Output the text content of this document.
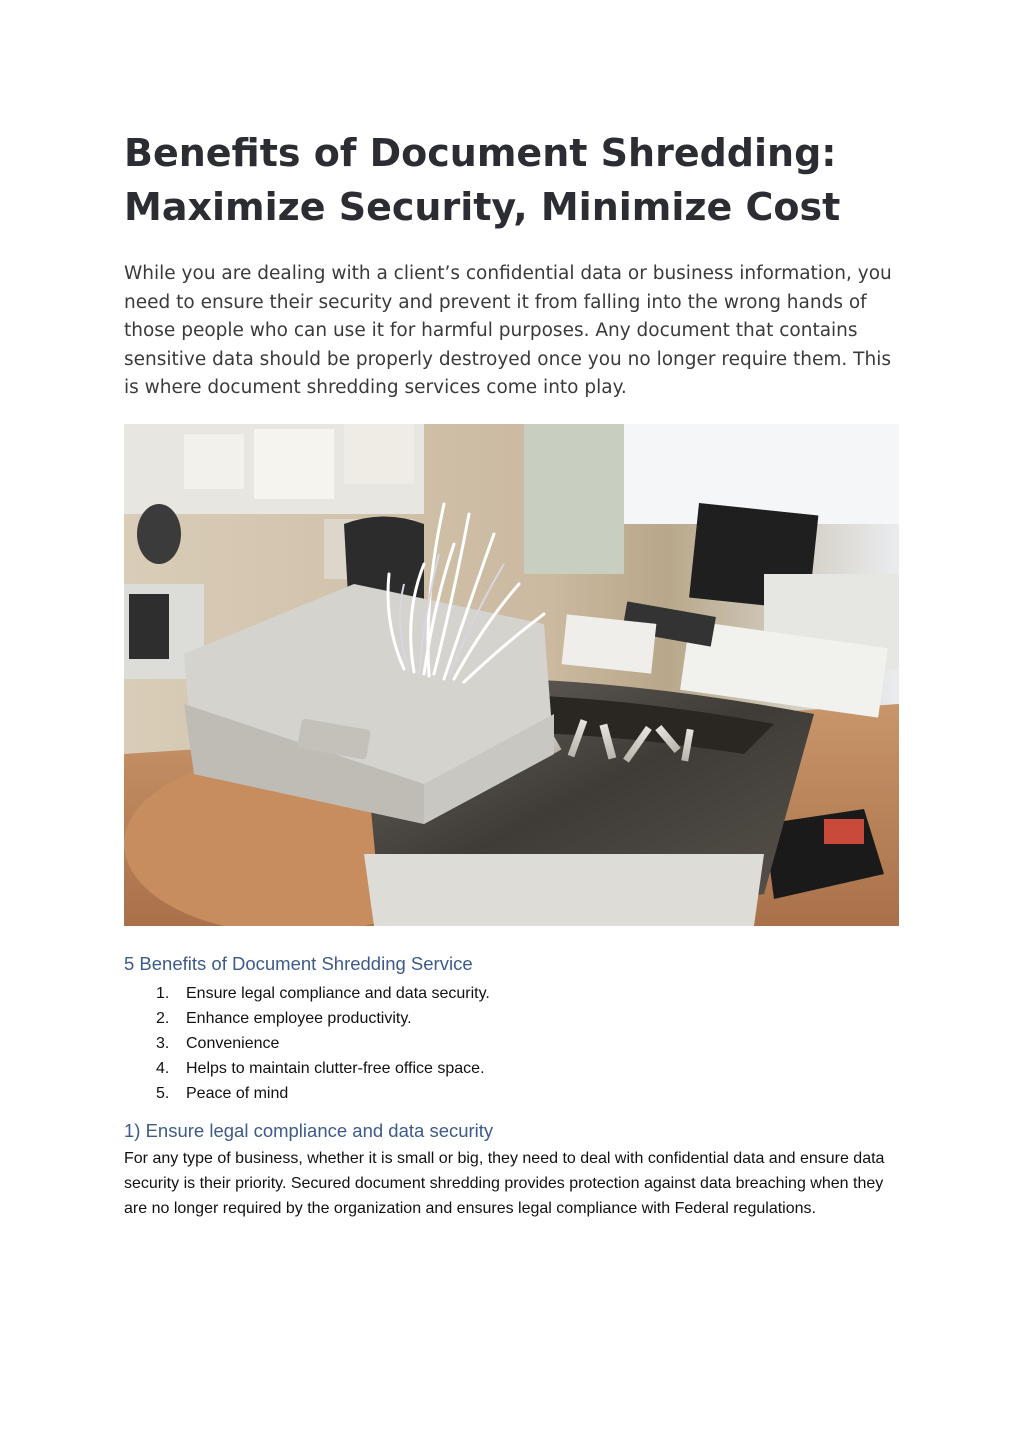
Benefits of Document Shredding: Maximize Security, Minimize Cost

While you are dealing with a client’s confidential data or business information, you need to ensure their security and prevent it from falling into the wrong hands of those people who can use it for harmful purposes. Any document that contains sensitive data should be properly destroyed once you no longer require them. This is where document shredding services come into play.

5 Benefits of Document Shredding Service
1. Ensure legal compliance and data security.
2. Enhance employee productivity.
3. Convenience
4. Helps to maintain clutter-free office space.
5. Peace of mind
1) Ensure legal compliance and data security

For any type of business, whether it is small or big, they need to deal with confidential data and ensure data security is their priority. Secured document shredding provides protection against data breaching when they are no longer required by the organization and ensures legal compliance with Federal regulations.
